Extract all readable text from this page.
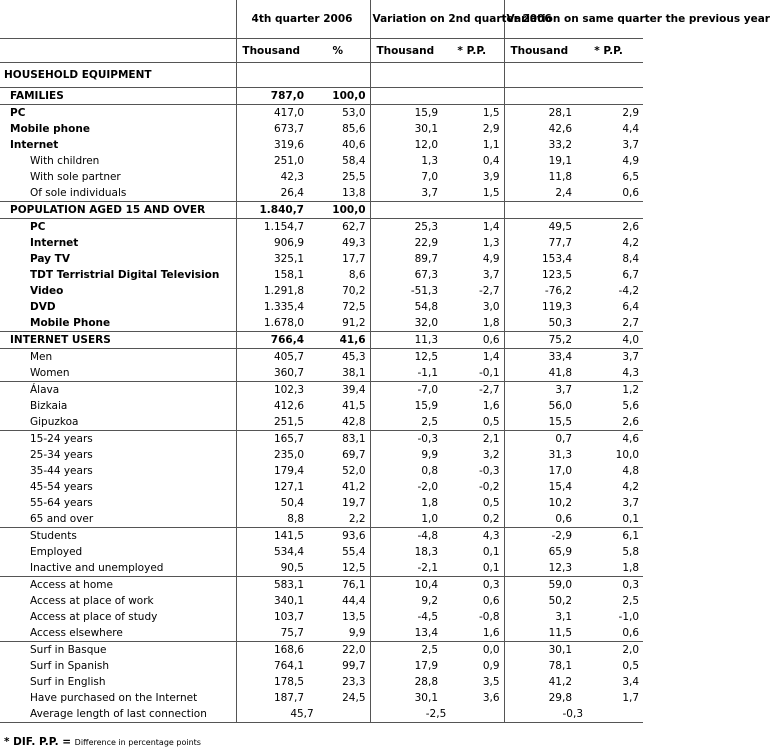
	4th quarter 2006		Variation on 2nd quarter 2006		Variation on same quarter the previous year	
	Thousand	%	Thousand	* P.P.	Thousand	* P.P.
HOUSEHOLD EQUIPMENT						
FAMILIES	787,0	100,0				
PC	417,0	53,0	15,9	1,5	28,1	2,9
Mobile phone	673,7	85,6	30,1	2,9	42,6	4,4
Internet	319,6	40,6	12,0	1,1	33,2	3,7
With children	251,0	58,4	1,3	0,4	19,1	4,9
With sole partner	42,3	25,5	7,0	3,9	11,8	6,5
Of sole individuals	26,4	13,8	3,7	1,5	2,4	0,6
POPULATION AGED 15 AND OVER	1.840,7	100,0				
PC	1.154,7	62,7	25,3	1,4	49,5	2,6
Internet	906,9	49,3	22,9	1,3	77,7	4,2
Pay TV	325,1	17,7	89,7	4,9	153,4	8,4
TDT Terristrial Digital Television	158,1	8,6	67,3	3,7	123,5	6,7
Video	1.291,8	70,2	-51,3	-2,7	-76,2	-4,2
DVD	1.335,4	72,5	54,8	3,0	119,3	6,4
Mobile Phone	1.678,0	91,2	32,0	1,8	50,3	2,7
INTERNET USERS	766,4	41,6	11,3	0,6	75,2	4,0
Men	405,7	45,3	12,5	1,4	33,4	3,7
Women	360,7	38,1	-1,1	-0,1	41,8	4,3
Álava	102,3	39,4	-7,0	-2,7	3,7	1,2
Bizkaia	412,6	41,5	15,9	1,6	56,0	5,6
Gipuzkoa	251,5	42,8	2,5	0,5	15,5	2,6
15-24 years	165,7	83,1	-0,3	2,1	0,7	4,6
25-34 years	235,0	69,7	9,9	3,2	31,3	10,0
35-44 years	179,4	52,0	0,8	-0,3	17,0	4,8
45-54 years	127,1	41,2	-2,0	-0,2	15,4	4,2
55-64 years	50,4	19,7	1,8	0,5	10,2	3,7
65 and over	8,8	2,2	1,0	0,2	0,6	0,1
Students	141,5	93,6	-4,8	4,3	-2,9	6,1
Employed	534,4	55,4	18,3	0,1	65,9	5,8
Inactive and unemployed	90,5	12,5	-2,1	0,1	12,3	1,8
Access at home	583,1	76,1	10,4	0,3	59,0	0,3
Access at place of work	340,1	44,4	9,2	0,6	50,2	2,5
Access at place of study	103,7	13,5	-4,5	-0,8	3,1	-1,0
Access elsewhere	75,7	9,9	13,4	1,6	11,5	0,6
Surf in Basque	168,6	22,0	2,5	0,0	30,1	2,0
Surf in Spanish	764,1	99,7	17,9	0,9	78,1	0,5
Surf in English	178,5	23,3	28,8	3,5	41,2	3,4
Have purchased on the Internet	187,7	24,5	30,1	3,6	29,8	1,7
Average length of last connection	45,7		-2,5		-0,3	
* DIF. P.P. = Difference in percentage points
